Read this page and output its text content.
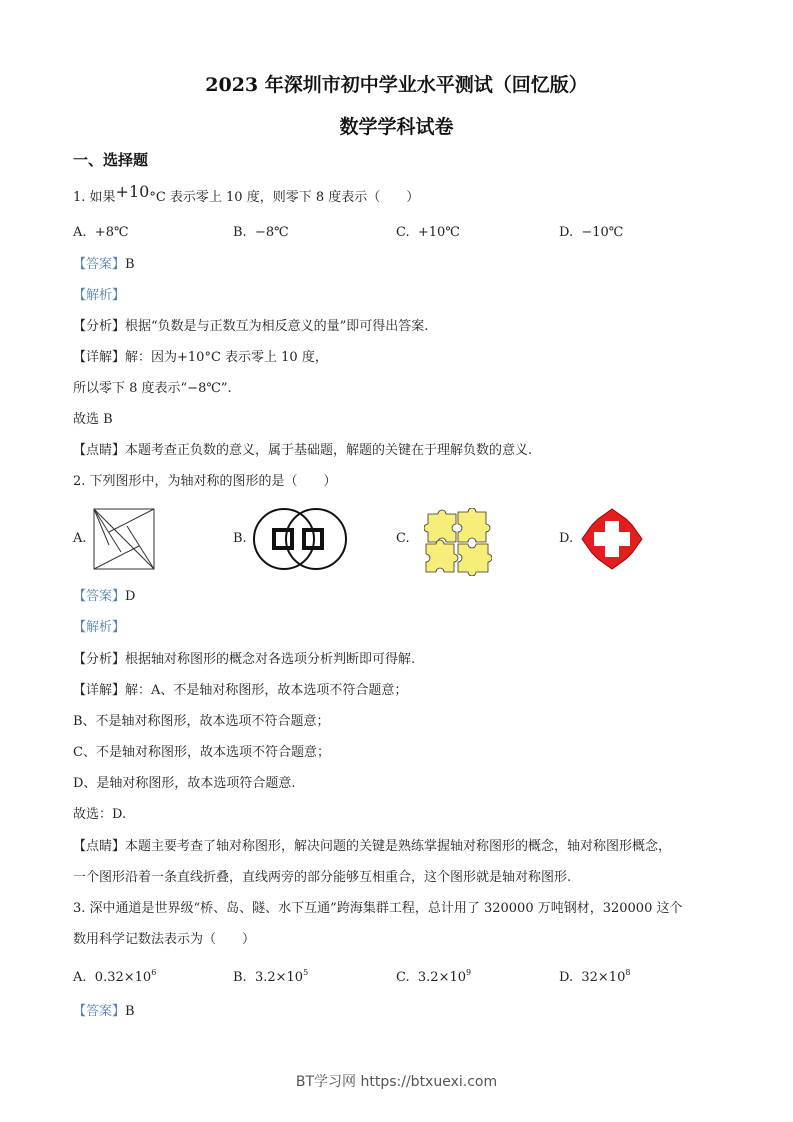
2023 年深圳市初中学业水平测试（回忆版）
数学学科试卷
一、选择题
1. 如果+10°C 表示零上 10 度，则零下 8 度表示（　　）
A. +8℃	B. −8℃	C. +10℃	D. −10℃
【答案】B
【解析】
【分析】根据“负数是与正数互为相反意义的量”即可得出答案.
【详解】解：因为+10°C 表示零上 10 度，
所以零下 8 度表示“−8℃”.
故选 B
【点睛】本题考查正负数的意义，属于基础题，解题的关键在于理解负数的意义.
2. 下列图形中，为轴对称的图形的是（　　）
A.	B.	C.	D.
【答案】D
【解析】
【分析】根据轴对称图形的概念对各选项分析判断即可得解.
【详解】解：A、不是轴对称图形，故本选项不符合题意；
B、不是轴对称图形，故本选项不符合题意；
C、不是轴对称图形，故本选项不符合题意；
D、是轴对称图形，故本选项符合题意.
故选：D.
【点睛】本题主要考查了轴对称图形，解决问题的关键是熟练掌握轴对称图形的概念，轴对称图形概念，
一个图形沿着一条直线折叠，直线两旁的部分能够互相重合，这个图形就是轴对称图形.
3. 深中通道是世界级“桥、岛、隧、水下互通”跨海集群工程，总计用了 320000 万吨钢材，320000 这个
数用科学记数法表示为（　　）
A. $0.32\times 10^6$	B. $3.2\times 10^5$	C. $3.2\times 10^9$	D. $32\times 10^8$
【答案】B
BT学习网 https://btxuexi.com
